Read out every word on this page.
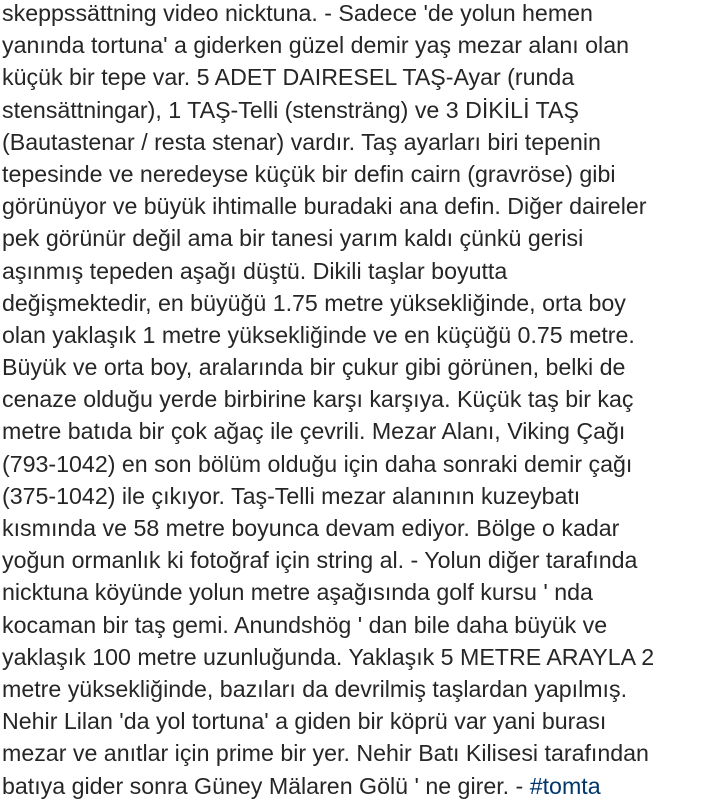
skeppssättning video nicktuna. - Sadece 'de yolun hemen
yanında tortuna' a giderken güzel demir yaş mezar alanı olan
küçük bir tepe var. 5 ADET DAIRESEL TAŞ-Ayar (runda
stensättningar), 1 TAŞ-Telli (stensträng) ve 3 DİKİLİ TAŞ
(Bautastenar / resta stenar) vardır. Taş ayarları biri tepenin
tepesinde ve neredeyse küçük bir defin cairn (gravröse) gibi
görünüyor ve büyük ihtimalle buradaki ana defin. Diğer daireler
pek görünür değil ama bir tanesi yarım kaldı çünkü gerisi
aşınmış tepeden aşağı düştü. Dikili taşlar boyutta
değişmektedir, en büyüğü 1.75 metre yüksekliğinde, orta boy
olan yaklaşık 1 metre yüksekliğinde ve en küçüğü 0.75 metre.
Büyük ve orta boy, aralarında bir çukur gibi görünen, belki de
cenaze olduğu yerde birbirine karşı karşıya. Küçük taş bir kaç
metre batıda bir çok ağaç ile çevrili. Mezar Alanı, Viking Çağı
(793-1042) en son bölüm olduğu için daha sonraki demir çağı
(375-1042) ile çıkıyor. Taş-Telli mezar alanının kuzeybatı
kısmında ve 58 metre boyunca devam ediyor. Bölge o kadar
yoğun ormanlık ki fotoğraf için string al. - Yolun diğer tarafında
nicktuna köyünde yolun metre aşağısında golf kursu ' nda
kocaman bir taş gemi. Anundshög ' dan bile daha büyük ve
yaklaşık 100 metre uzunluğunda. Yaklaşık 5 METRE ARAYLA 2
metre yüksekliğinde, bazıları da devrilmiş taşlardan yapılmış.
Nehir Lilan 'da yol tortuna' a giden bir köprü var yani burası
mezar ve anıtlar için prime bir yer. Nehir Batı Kilisesi tarafından
batıya gider sonra Güney Mälaren Gölü ' ne girer. - #tomta
